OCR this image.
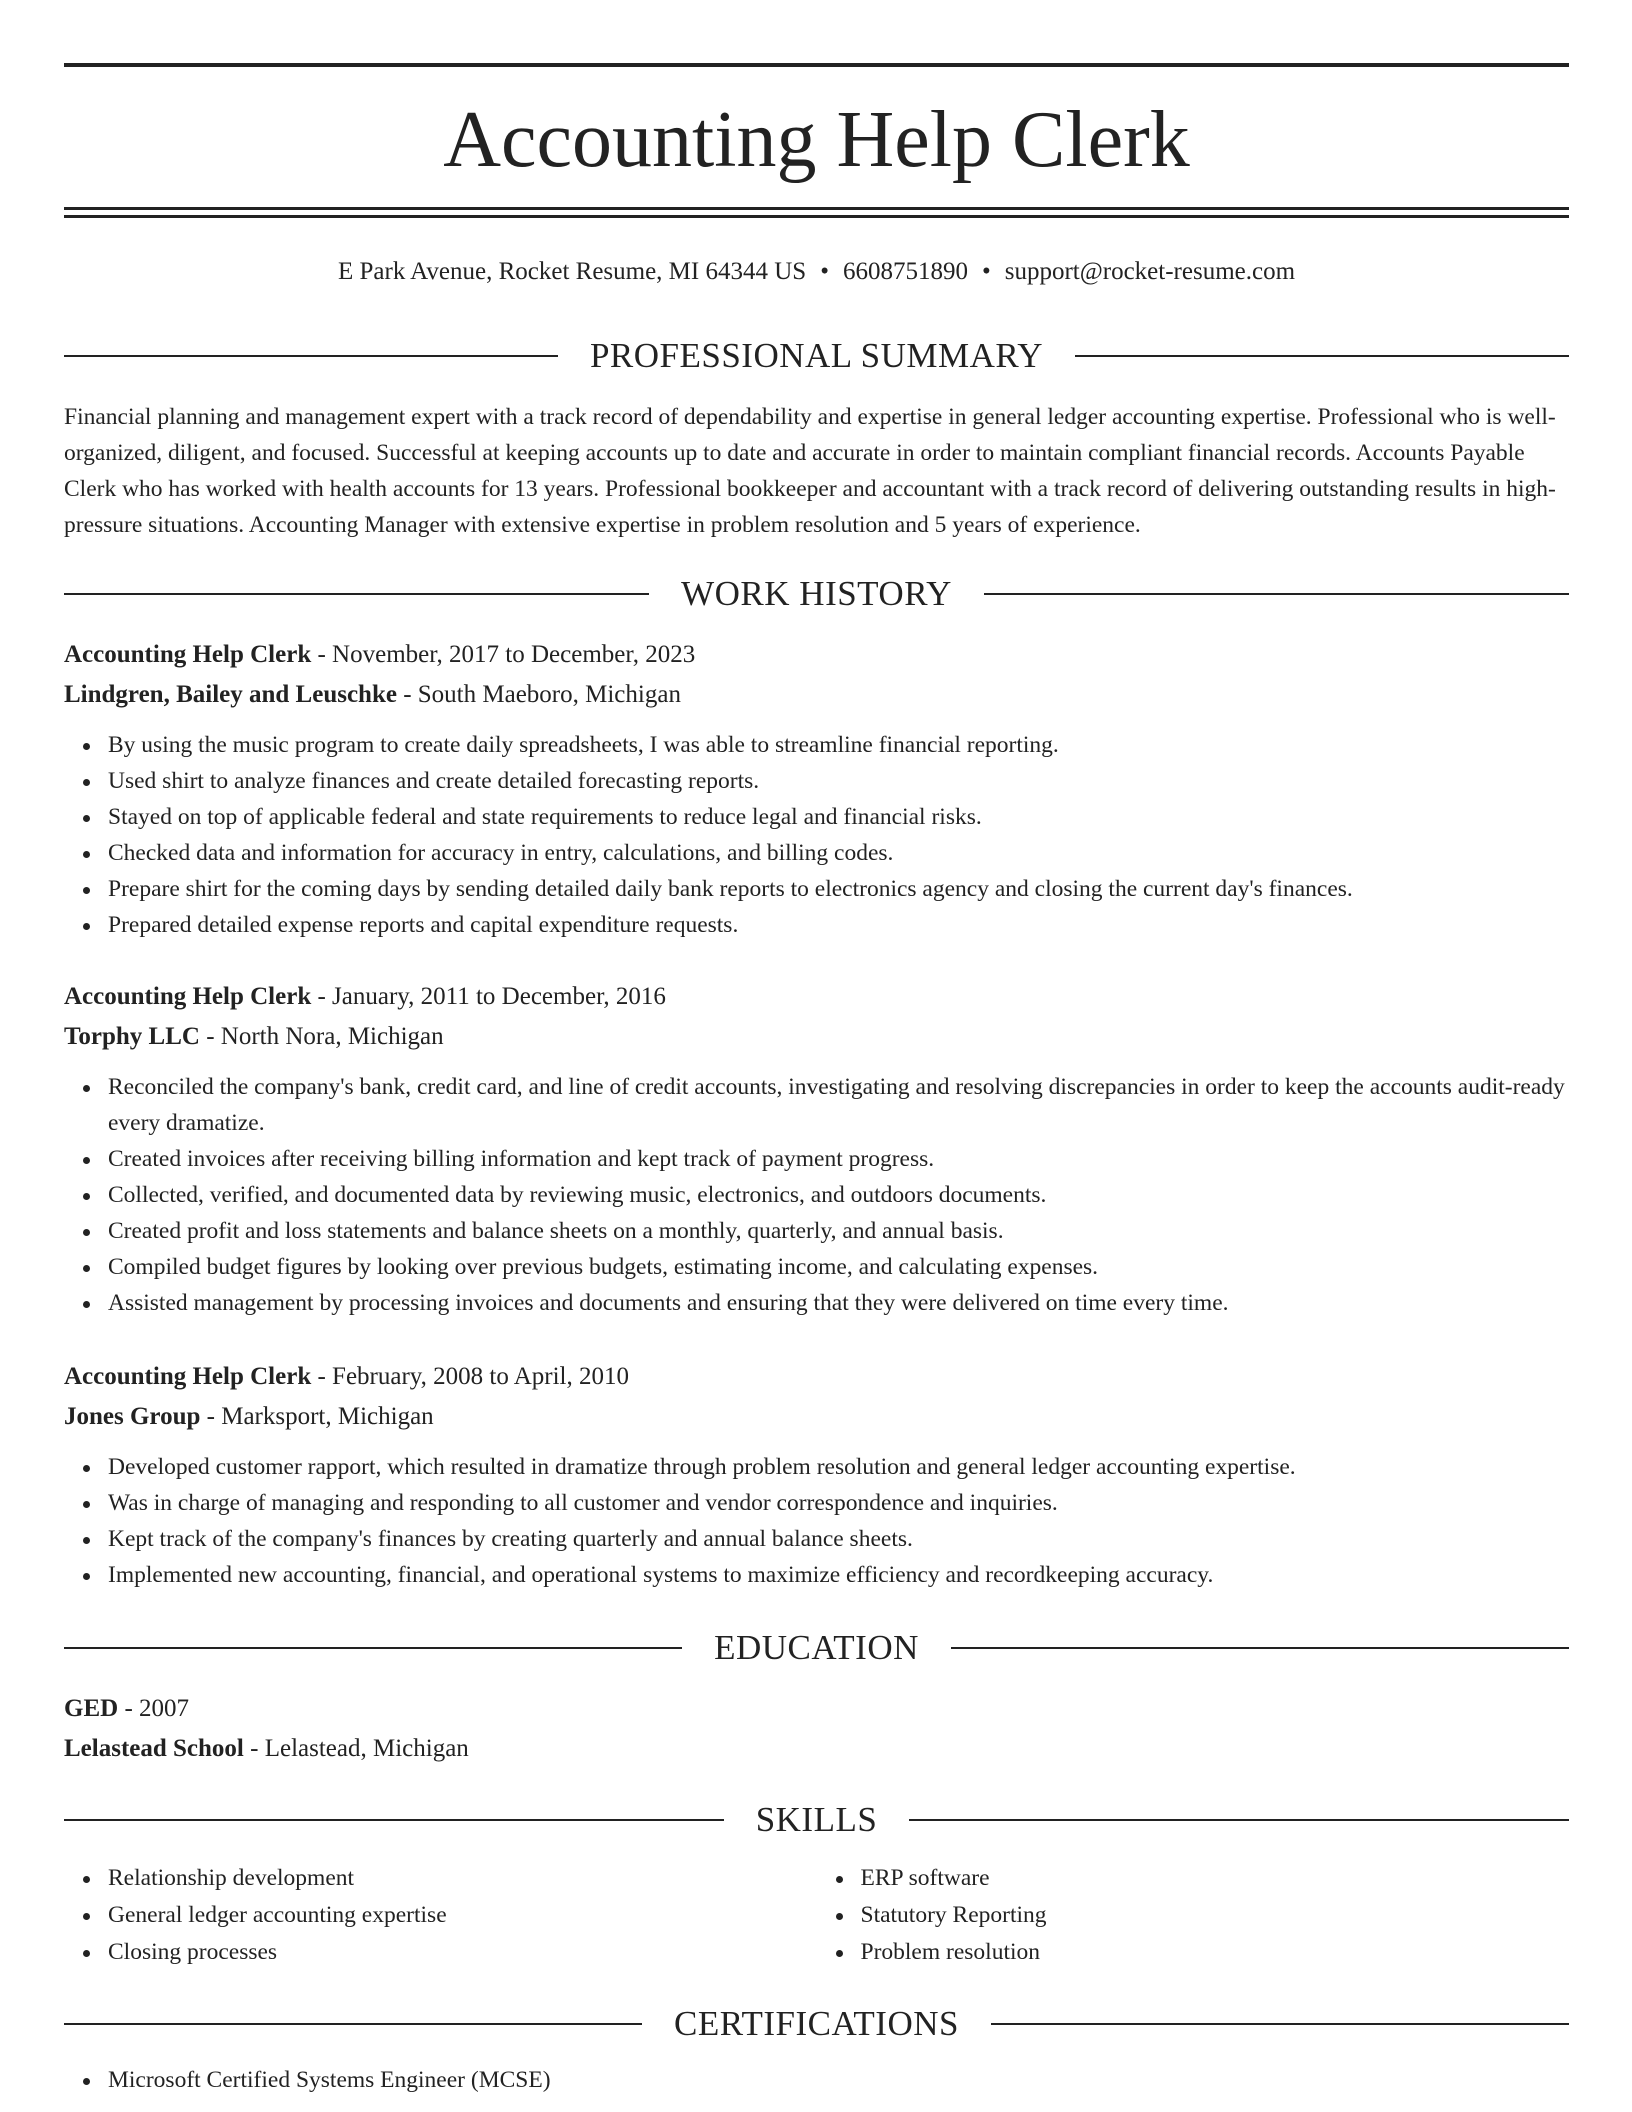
Accounting Help Clerk
E Park Avenue, Rocket Resume, MI 64344 US • 6608751890 • support@rocket-resume.com
PROFESSIONAL SUMMARY

Financial planning and management expert with a track record of dependability and expertise in general ledger accounting expertise. Professional who is well-organized, diligent, and focused. Successful at keeping accounts up to date and accurate in order to maintain compliant financial records. Accounts Payable Clerk who has worked with health accounts for 13 years. Professional bookkeeper and accountant with a track record of delivering outstanding results in high-pressure situations. Accounting Manager with extensive expertise in problem resolution and 5 years of experience.

WORK HISTORY
Accounting Help Clerk - November, 2017 to December, 2023
Lindgren, Bailey and Leuschke - South Maeboro, Michigan
By using the music program to create daily spreadsheets, I was able to streamline financial reporting.
Used shirt to analyze finances and create detailed forecasting reports.
Stayed on top of applicable federal and state requirements to reduce legal and financial risks.
Checked data and information for accuracy in entry, calculations, and billing codes.
Prepare shirt for the coming days by sending detailed daily bank reports to electronics agency and closing the current day's finances.
Prepared detailed expense reports and capital expenditure requests.
Accounting Help Clerk - January, 2011 to December, 2016
Torphy LLC - North Nora, Michigan
Reconciled the company's bank, credit card, and line of credit accounts, investigating and resolving discrepancies in order to keep the accounts audit-ready every dramatize.
Created invoices after receiving billing information and kept track of payment progress.
Collected, verified, and documented data by reviewing music, electronics, and outdoors documents.
Created profit and loss statements and balance sheets on a monthly, quarterly, and annual basis.
Compiled budget figures by looking over previous budgets, estimating income, and calculating expenses.
Assisted management by processing invoices and documents and ensuring that they were delivered on time every time.
Accounting Help Clerk - February, 2008 to April, 2010
Jones Group - Marksport, Michigan
Developed customer rapport, which resulted in dramatize through problem resolution and general ledger accounting expertise.
Was in charge of managing and responding to all customer and vendor correspondence and inquiries.
Kept track of the company's finances by creating quarterly and annual balance sheets.
Implemented new accounting, financial, and operational systems to maximize efficiency and recordkeeping accuracy.
EDUCATION
GED - 2007
Lelastead School - Lelastead, Michigan
SKILLS
Relationship development
General ledger accounting expertise
Closing processes
ERP software
Statutory Reporting
Problem resolution
CERTIFICATIONS
Microsoft Certified Systems Engineer (MCSE)
